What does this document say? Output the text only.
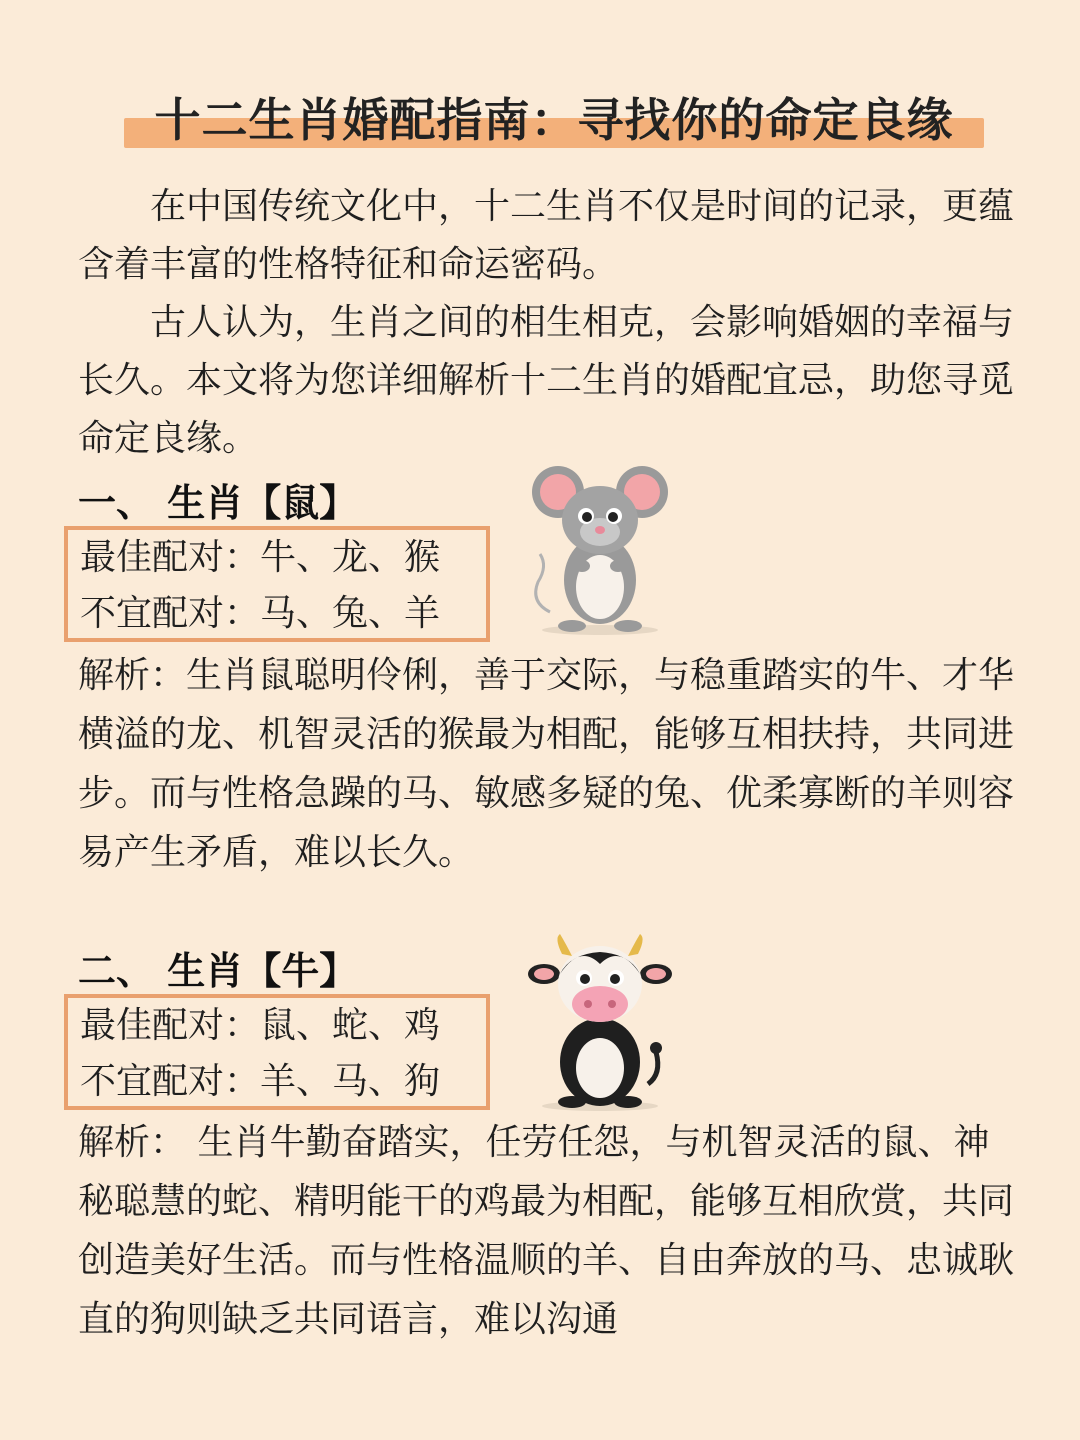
十二生肖婚配指南：寻找你的命定良缘

在中国传统文化中，十二生肖不仅是时间的记录，更蕴含着丰富的性格特征和命运密码。

古人认为，生肖之间的相生相克，会影响婚姻的幸福与长久。本文将为您详细解析十二生肖的婚配宜忌，助您寻觅命定良缘。

一、 生肖【鼠】
最佳配对：牛、龙、猴
不宜配对：马、兔、羊
解析：生肖鼠聪明伶俐，善于交际，与稳重踏实的牛、才华横溢的龙、机智灵活的猴最为相配，能够互相扶持，共同进步。而与性格急躁的马、敏感多疑的兔、优柔寡断的羊则容易产生矛盾，难以长久。
二、 生肖【牛】
最佳配对：鼠、蛇、鸡
不宜配对：羊、马、狗
解析： 生肖牛勤奋踏实，任劳任怨，与机智灵活的鼠、神秘聪慧的蛇、精明能干的鸡最为相配，能够互相欣赏，共同创造美好生活。而与性格温顺的羊、自由奔放的马、忠诚耿直的狗则缺乏共同语言，难以沟通
